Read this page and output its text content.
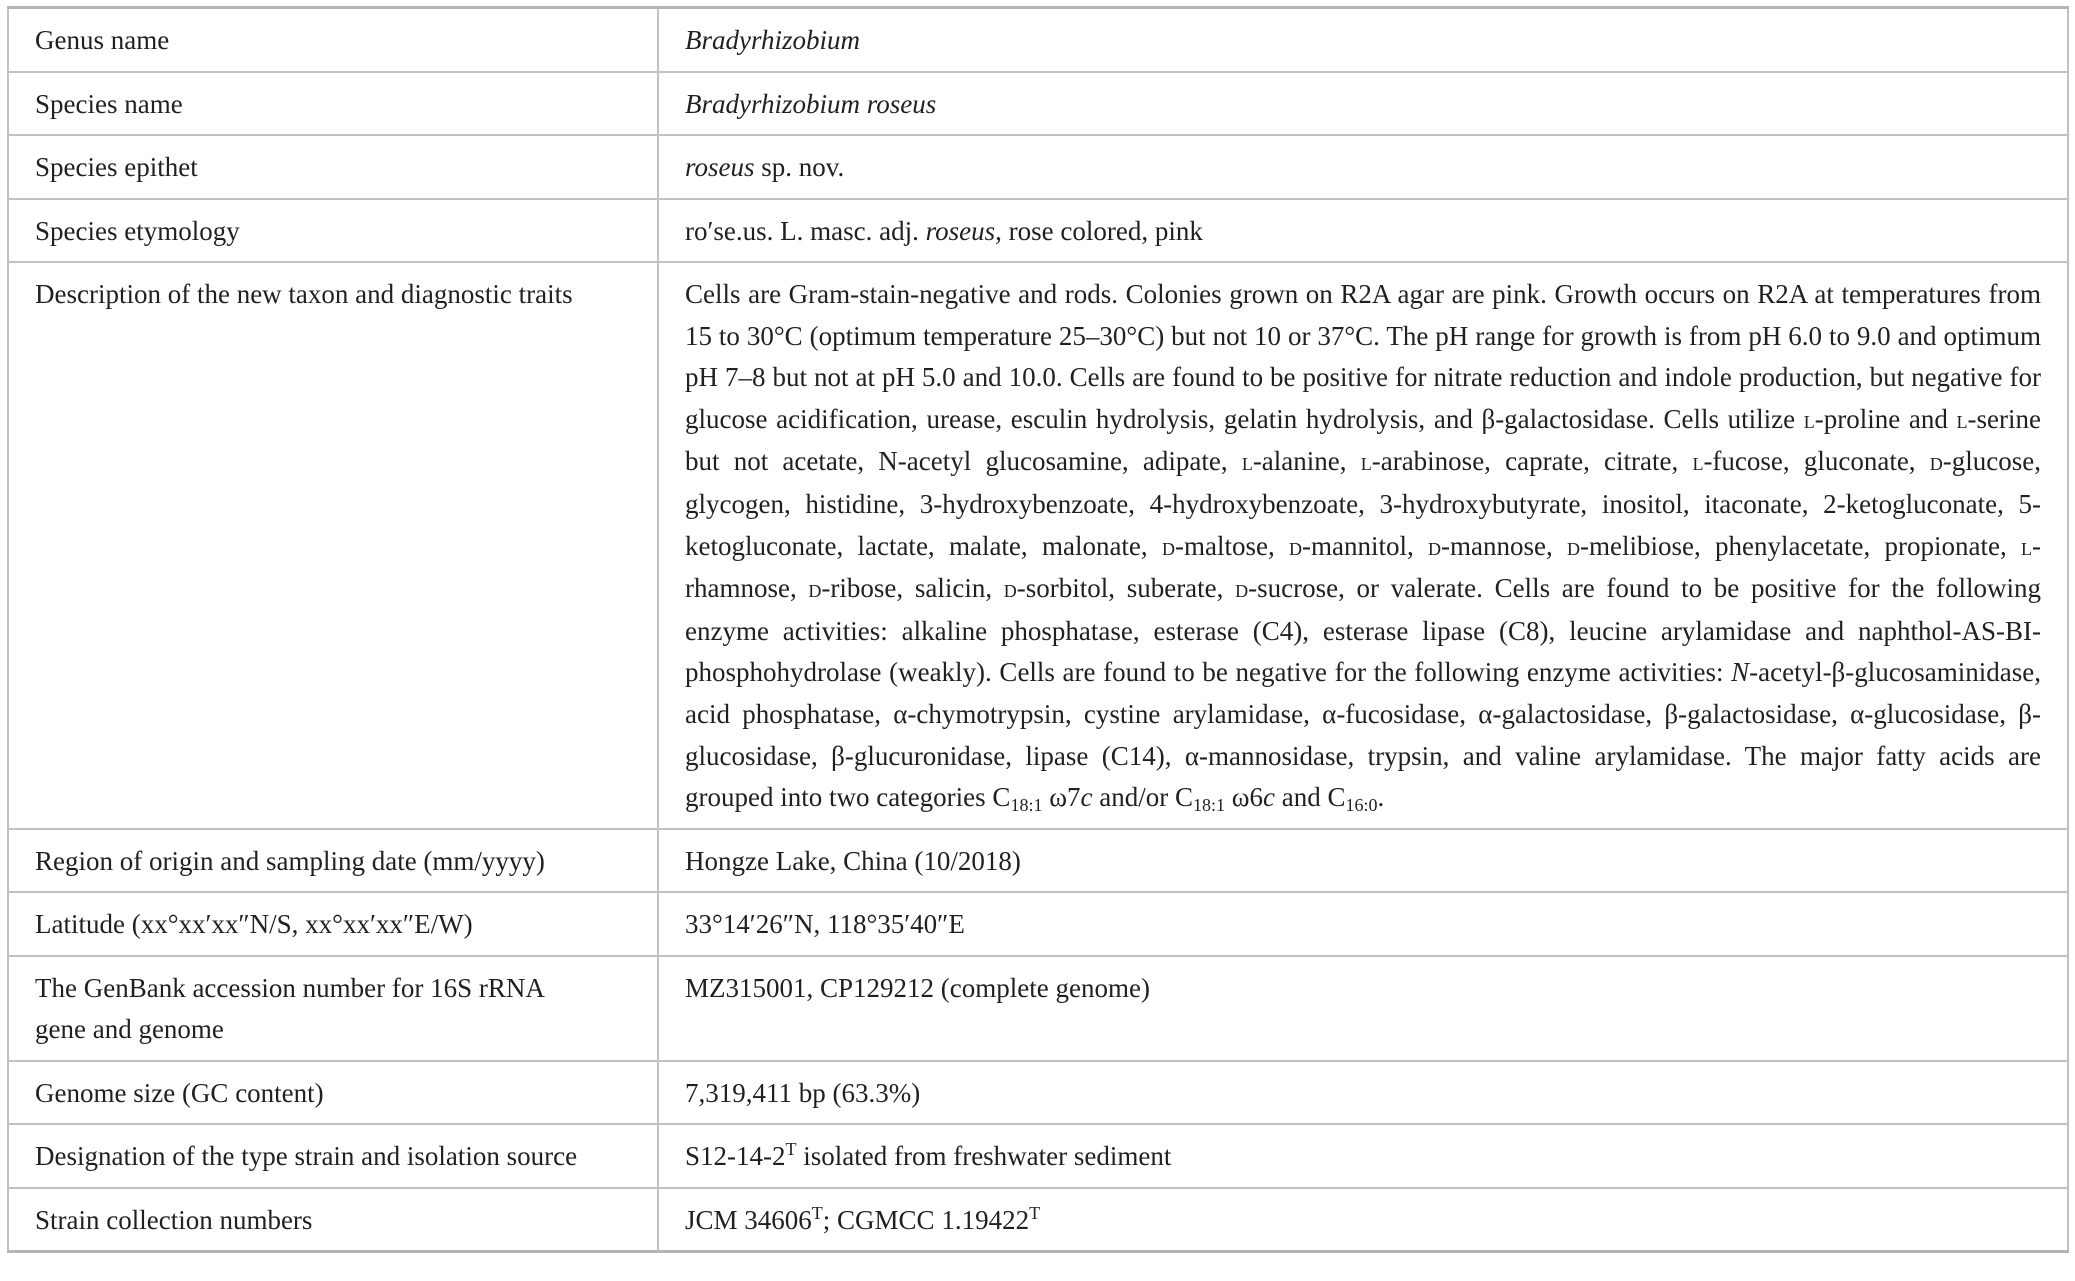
Genus name	Bradyrhizobium
Species name	Bradyrhizobium roseus
Species epithet	roseus sp. nov.
Species etymology	ro′se.us. L. masc. adj. roseus, rose colored, pink
Description of the new taxon and diagnostic traits	Cells are Gram-stain-negative and rods. Colonies grown on R2A agar are pink. Growth occurs on R2A at temperatures from 15 to 30°C (optimum temperature 25–30°C) but not 10 or 37°C. The pH range for growth is from pH 6.0 to 9.0 and optimum pH 7–8 but not at pH 5.0 and 10.0. Cells are found to be positive for nitrate reduction and indole production, but negative for glucose acidification, urease, esculin hydrolysis, gelatin hydrolysis, and β-galactosidase. Cells utilize l-proline and l-serine but not acetate, N-acetyl glucosamine, adipate, l-alanine, l-arabinose, caprate, citrate, l-fucose, gluconate, d-glucose, glycogen, histidine, 3-hydroxybenzoate, 4-hydroxybenzoate, 3-hydroxybutyrate, inositol, itaconate, 2-ketogluconate, 5-ketogluconate, lactate, malate, malonate, d-maltose, d-mannitol, d-mannose, d-melibiose, phenylacetate, propionate, l-rhamnose, d-ribose, salicin, d-sorbitol, suberate, d-sucrose, or valerate. Cells are found to be positive for the following enzyme activities: alkaline phosphatase, esterase (C4), esterase lipase (C8), leucine arylamidase and naphthol-AS-BI-phosphohydrolase (weakly). Cells are found to be negative for the following enzyme activities: N-acetyl-β-glucosaminidase, acid phosphatase, α-chymotrypsin, cystine arylamidase, α-fucosidase, α-galactosidase, β-galactosidase, α-glucosidase, β-glucosidase, β-glucuronidase, lipase (C14), α-mannosidase, trypsin, and valine arylamidase. The major fatty acids are grouped into two categories $C_{18:1}$ ω7c and/or $C_{18:1}$ ω6c and $C_{16:0}$.
Region of origin and sampling date (mm/yyyy)	Hongze Lake, China (10/2018)
Latitude (xx°xx′xx″N/S, xx°xx′xx″E/W)	33°14′26″N, 118°35′40″E
The GenBank accession number for 16S rRNA gene and genome	MZ315001, CP129212 (complete genome)
Genome size (GC content)	7,319,411 bp (63.3%)
Designation of the type strain and isolation source	$S12-14-2^T$ isolated from freshwater sediment
Strain collection numbers	JCM $34606^T$; CGMCC $1.19422^T$
